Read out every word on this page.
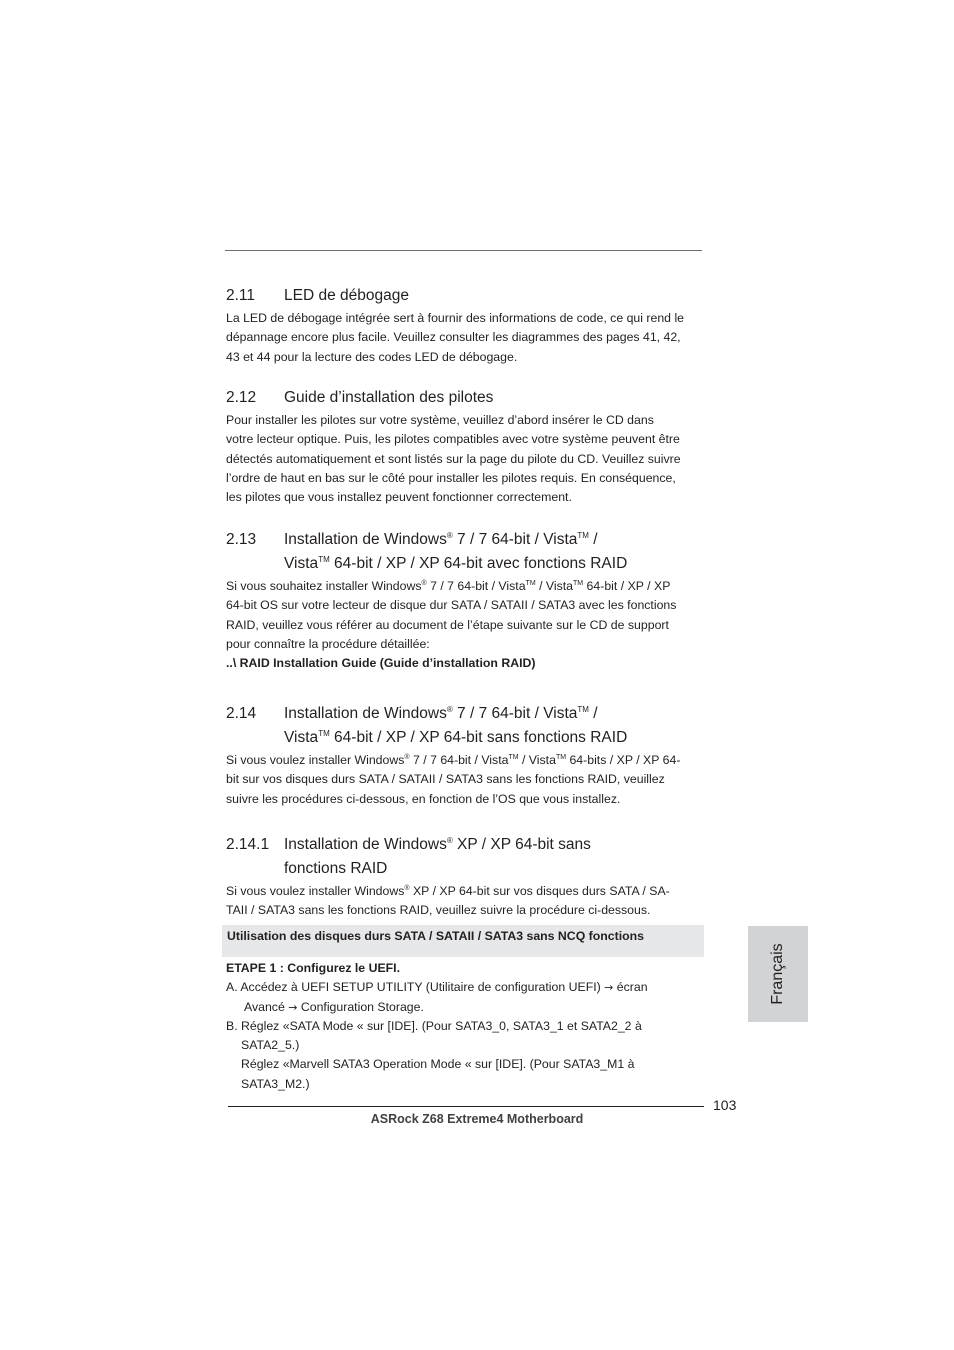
2.11 LED de débogage
La LED de débogage intégrée sert à fournir des informations de code, ce qui rend le
dépannage encore plus facile. Veuillez consulter les diagrammes des pages 41, 42,
43 et 44 pour la lecture des codes LED de débogage.
2.12 Guide d’installation des pilotes
Pour installer les pilotes sur votre système, veuillez d’abord insérer le CD dans
votre lecteur optique. Puis, les pilotes compatibles avec votre système peuvent être
détectés automatiquement et sont listés sur la page du pilote du CD. Veuillez suivre
l’ordre de haut en bas sur le côté pour installer les pilotes requis. En conséquence,
les pilotes que vous installez peuvent fonctionner correctement.
2.13 Installation de Windows® 7 / 7 64-bit / Vista™ /
Vista™ 64-bit / XP / XP 64-bit avec fonctions RAID
Si vous souhaitez installer Windows® 7 / 7 64-bit / Vista™ / Vista™ 64-bit / XP / XP
64-bit OS sur votre lecteur de disque dur SATA / SATAII / SATA3 avec les fonctions
RAID, veuillez vous référer au document de l’étape suivante sur le CD de support
pour connaître la procédure détaillée:
..\ RAID Installation Guide (Guide d’installation RAID)
2.14 Installation de Windows® 7 / 7 64-bit / Vista™ /
Vista™ 64-bit / XP / XP 64-bit sans fonctions RAID
Si vous voulez installer Windows® 7 / 7 64-bit / Vista™ / Vista™ 64-bits / XP / XP 64-
bit sur vos disques durs SATA / SATAII / SATA3 sans les fonctions RAID, veuillez
suivre les procédures ci-dessous, en fonction de l’OS que vous installez.
2.14.1 Installation de Windows® XP / XP 64-bit sans
fonctions RAID
Si vous voulez installer Windows® XP / XP 64-bit sur vos disques durs SATA / SA-
TAII / SATA3 sans les fonctions RAID, veuillez suivre la procédure ci-dessous.
Utilisation des disques durs SATA / SATAII / SATA3 sans NCQ fonctions
ETAPE 1 : Configurez le UEFI.
A. Accédez à UEFI SETUP UTILITY (Utilitaire de configuration UEFI) → écran
Avancé → Configuration Storage.
B. Réglez «SATA Mode « sur [IDE]. (Pour SATA3_0, SATA3_1 et SATA2_2 à
SATA2_5.)
Réglez «Marvell SATA3 Operation Mode « sur [IDE]. (Pour SATA3_M1 à
SATA3_M2.)
Français
103
ASRock Z68 Extreme4 Motherboard
